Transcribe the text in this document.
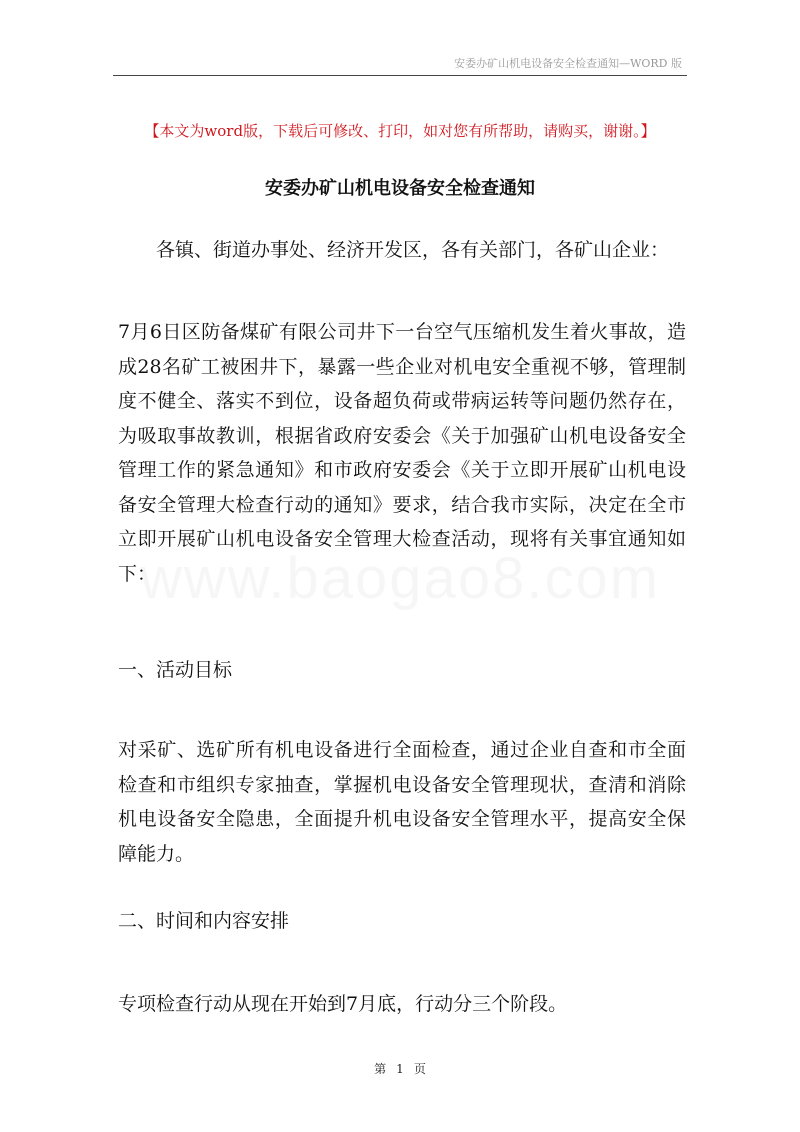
安委办矿山机电设备安全检查通知—WORD 版
【本文为word版，下载后可修改、打印，如对您有所帮助，请购买，谢谢。】
安委办矿山机电设备安全检查通知

各镇、街道办事处、经济开发区，各有关部门，各矿山企业：

7月6日区防备煤矿有限公司井下一台空气压缩机发生着火事故，造成28名矿工被困井下，暴露一些企业对机电安全重视不够，管理制度不健全、落实不到位，设备超负荷或带病运转等问题仍然存在，为吸取事故教训，根据省政府安委会《关于加强矿山机电设备安全管理工作的紧急通知》和市政府安委会《关于立即开展矿山机电设备安全管理大检查行动的通知》要求，结合我市实际，决定在全市立即开展矿山机电设备安全管理大检查活动，现将有关事宜通知如下：

一、活动目标

对采矿、选矿所有机电设备进行全面检查，通过企业自查和市全面检查和市组织专家抽查，掌握机电设备安全管理现状，查清和消除机电设备安全隐患，全面提升机电设备安全管理水平，提高安全保障能力。

二、时间和内容安排

专项检查行动从现在开始到7月底，行动分三个阶段。

第 1 页
